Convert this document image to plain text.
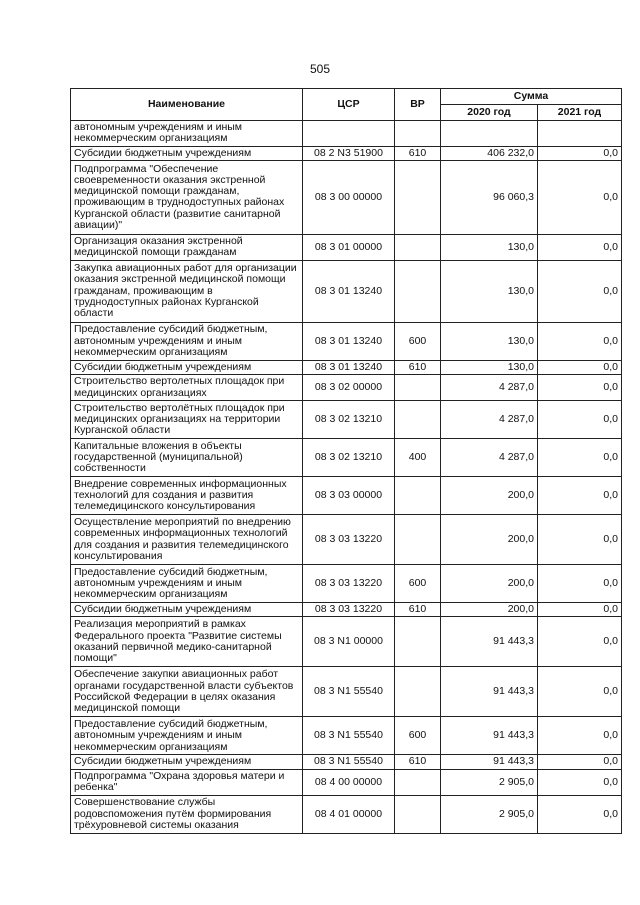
505
Наименование	ЦСР	ВР	Сумма	
			2020 год	2021 год
автономным учреждениям и иным некоммерческим организациям				
Субсидии бюджетным учреждениям	08 2 N3 51900	610	406 232,0	0,0
Подпрограмма "Обеспечение своевременности оказания экстренной медицинской помощи гражданам, проживающим в труднодоступных районах Курганской области (развитие санитарной авиации)"	08 3 00 00000		96 060,3	0,0
Организация оказания экстренной медицинской помощи гражданам	08 3 01 00000		130,0	0,0
Закупка авиационных работ для организации оказания экстренной медицинской помощи гражданам, проживающим в труднодоступных районах Курганской области	08 3 01 13240		130,0	0,0
Предоставление субсидий бюджетным, автономным учреждениям и иным некоммерческим организациям	08 3 01 13240	600	130,0	0,0
Субсидии бюджетным учреждениям	08 3 01 13240	610	130,0	0,0
Строительство вертолетных площадок при медицинских организациях	08 3 02 00000		4 287,0	0,0
Строительство вертолётных площадок при медицинских организациях на территории Курганской области	08 3 02 13210		4 287,0	0,0
Капитальные вложения в объекты государственной (муниципальной) собственности	08 3 02 13210	400	4 287,0	0,0
Внедрение современных информационных технологий для создания и развития телемедицинского консультирования	08 3 03 00000		200,0	0,0
Осуществление мероприятий по внедрению современных информационных технологий для создания и развития телемедицинского консультирования	08 3 03 13220		200,0	0,0
Предоставление субсидий бюджетным, автономным учреждениям и иным некоммерческим организациям	08 3 03 13220	600	200,0	0,0
Субсидии бюджетным учреждениям	08 3 03 13220	610	200,0	0,0
Реализация мероприятий в рамках Федерального проекта "Развитие системы оказаний первичной медико-санитарной помощи"	08 3 N1 00000		91 443,3	0,0
Обеспечение закупки авиационных работ органами государственной власти субъектов Российской Федерации в целях оказания медицинской помощи	08 3 N1 55540		91 443,3	0,0
Предоставление субсидий бюджетным, автономным учреждениям и иным некоммерческим организациям	08 3 N1 55540	600	91 443,3	0,0
Субсидии бюджетным учреждениям	08 3 N1 55540	610	91 443,3	0,0
Подпрограмма "Охрана здоровья матери и ребенка"	08 4 00 00000		2 905,0	0,0
Совершенствование службы родовспоможения путём формирования трёхуровневой системы оказания	08 4 01 00000		2 905,0	0,0
